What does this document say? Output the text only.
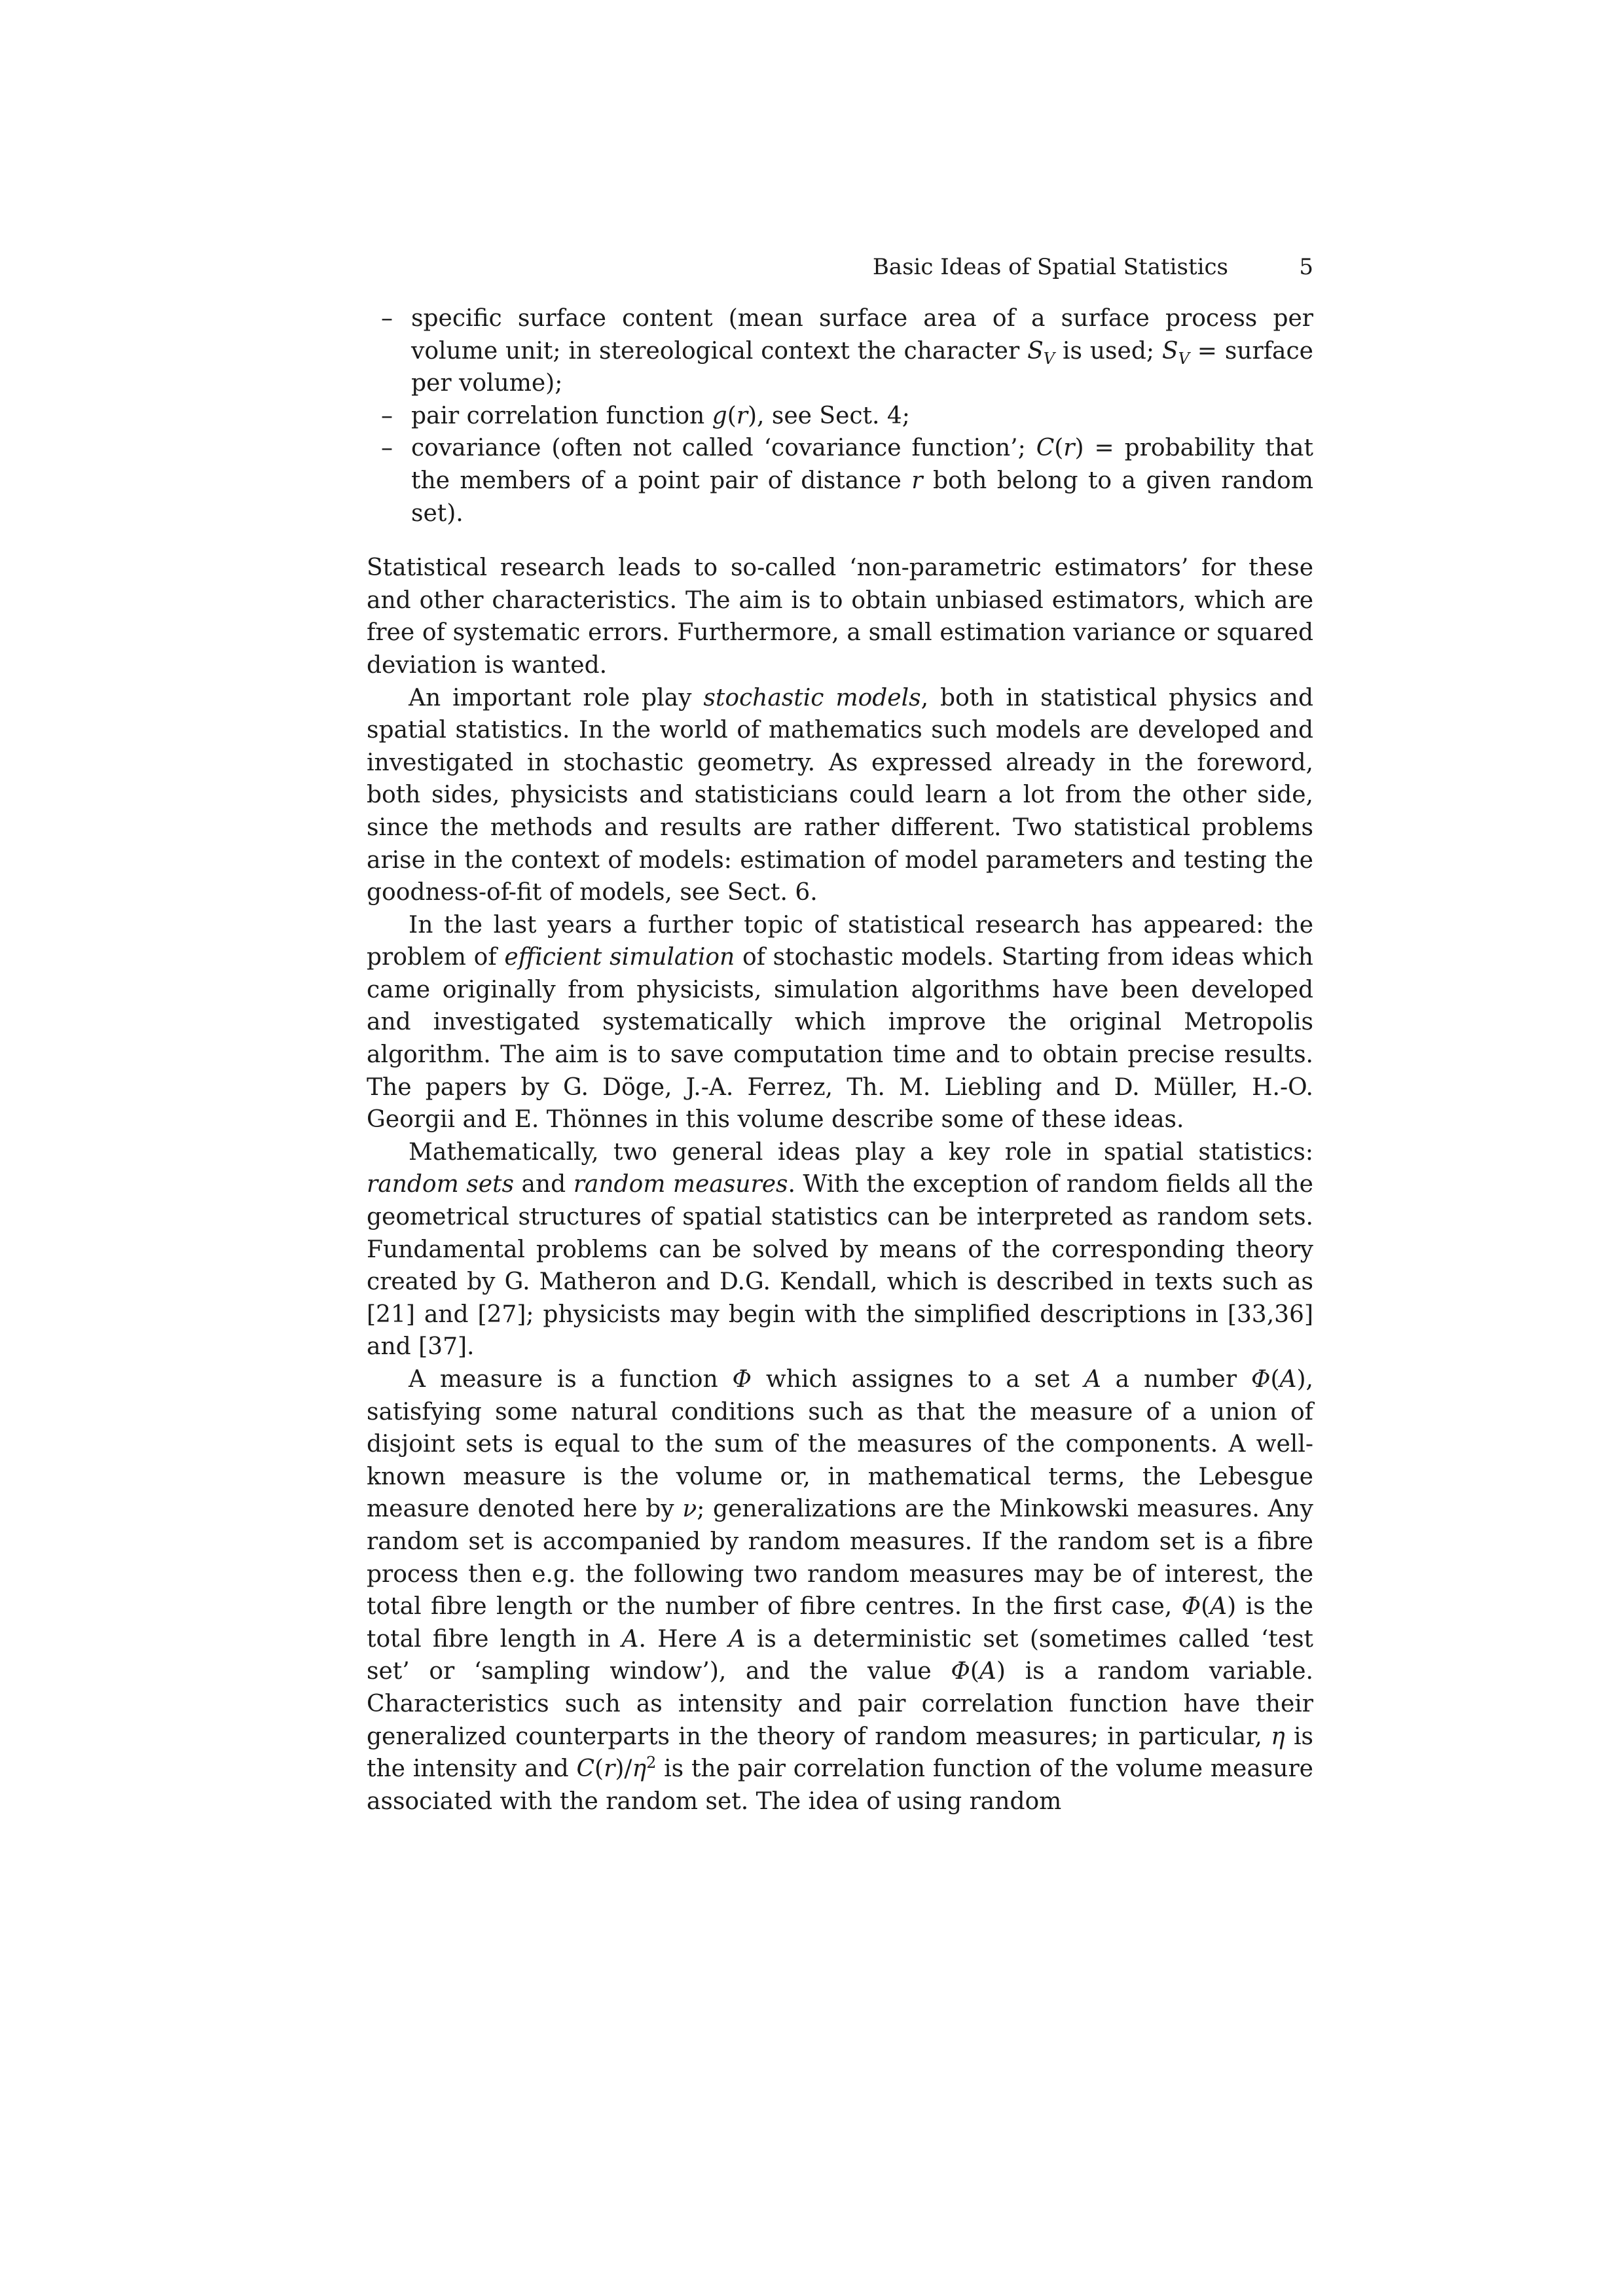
Basic Ideas of Spatial Statistics	5
– specific surface content (mean surface area of a surface process per volume unit; in stereological context the character $S_V$ is used; $S_V$ = surface per volume);
– pair correlation function g(r), see Sect. 4;
– covariance (often not called ‘covariance function’; C(r) = probability that the members of a point pair of distance r both belong to a given random set).

Statistical research leads to so-called ‘non-parametric estimators’ for these and other characteristics. The aim is to obtain unbiased estimators, which are free of systematic errors. Furthermore, a small estimation variance or squared deviation is wanted.

An important role play stochastic models, both in statistical physics and spatial statistics. In the world of mathematics such models are developed and investigated in stochastic geometry. As expressed already in the foreword, both sides, physicists and statisticians could learn a lot from the other side, since the methods and results are rather different. Two statistical problems arise in the context of models: estimation of model parameters and testing the goodness-of-fit of models, see Sect. 6.

In the last years a further topic of statistical research has appeared: the problem of efficient simulation of stochastic models. Starting from ideas which came originally from physicists, simulation algorithms have been developed and investigated systematically which improve the original Metropolis algorithm. The aim is to save computation time and to obtain precise results. The papers by G. Döge, J.-A. Ferrez, Th. M. Liebling and D. Müller, H.-O. Georgii and E. Thönnes in this volume describe some of these ideas.

Mathematically, two general ideas play a key role in spatial statistics: random sets and random measures. With the exception of random fields all the geometrical structures of spatial statistics can be interpreted as random sets. Fundamental problems can be solved by means of the corresponding theory created by G. Matheron and D.G. Kendall, which is described in texts such as [21] and [27]; physicists may begin with the simplified descriptions in [33,36] and [37].

A measure is a function Φ which assignes to a set A a number Φ(A), satisfying some natural conditions such as that the measure of a union of disjoint sets is equal to the sum of the measures of the components. A well-known measure is the volume or, in mathematical terms, the Lebesgue measure denoted here by ν; generalizations are the Minkowski measures. Any random set is accompanied by random measures. If the random set is a fibre process then e.g. the following two random measures may be of interest, the total fibre length or the number of fibre centres. In the first case, Φ(A) is the total fibre length in A. Here A is a deterministic set (sometimes called ‘test set’ or ‘sampling window’), and the value Φ(A) is a random variable. Characteristics such as intensity and pair correlation function have their generalized counterparts in the theory of random measures; in particular, η is the intensity and $C(r)/\eta^2$ is the pair correlation function of the volume measure associated with the random set. The idea of using random
